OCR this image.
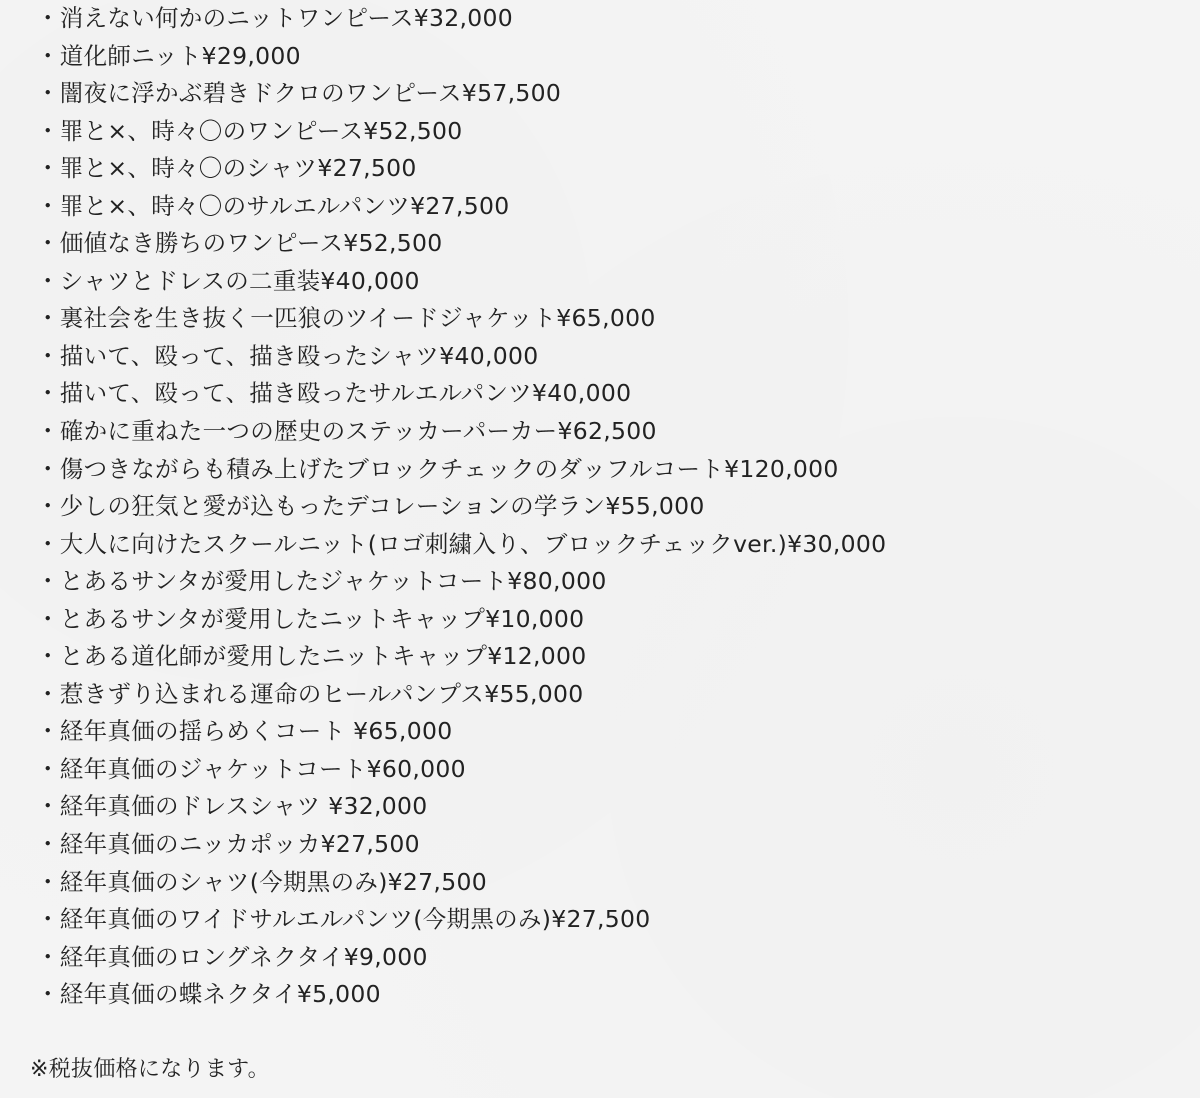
・消えない何かのニットワンピース¥32,000
・道化師ニット¥29,000
・闇夜に浮かぶ碧きドクロのワンピース¥57,500
・罪と×、時々〇のワンピース¥52,500
・罪と×、時々〇のシャツ¥27,500
・罪と×、時々〇のサルエルパンツ¥27,500
・価値なき勝ちのワンピース¥52,500
・シャツとドレスの二重装¥40,000
・裏社会を生き抜く一匹狼のツイードジャケット¥65,000
・描いて、殴って、描き殴ったシャツ¥40,000
・描いて、殴って、描き殴ったサルエルパンツ¥40,000
・確かに重ねた一つの歴史のステッカーパーカー¥62,500
・傷つきながらも積み上げたブロックチェックのダッフルコート¥120,000
・少しの狂気と愛が込もったデコレーションの学ラン¥55,000
・大人に向けたスクールニット(ロゴ刺繍入り、ブロックチェックver.)¥30,000
・とあるサンタが愛用したジャケットコート¥80,000
・とあるサンタが愛用したニットキャップ¥10,000
・とある道化師が愛用したニットキャップ¥12,000
・惹きずり込まれる運命のヒールパンプス¥55,000
・経年真価の揺らめくコート ¥65,000
・経年真価のジャケットコート¥60,000
・経年真価のドレスシャツ ¥32,000
・経年真価のニッカポッカ¥27,500
・経年真価のシャツ(今期黒のみ)¥27,500
・経年真価のワイドサルエルパンツ(今期黒のみ)¥27,500
・経年真価のロングネクタイ¥9,000
・経年真価の蝶ネクタイ¥5,000
※税抜価格になります。
